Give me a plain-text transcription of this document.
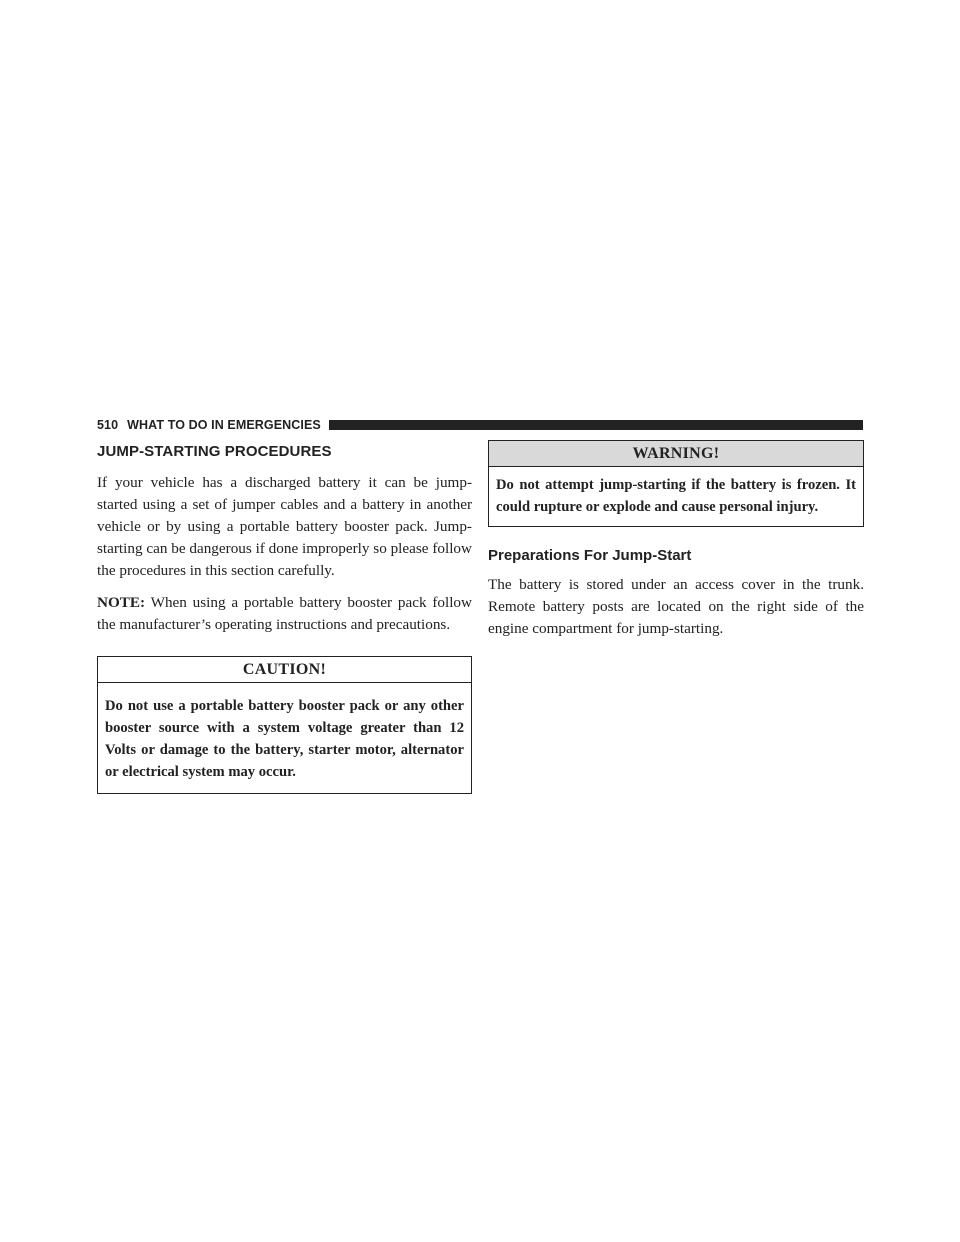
510 WHAT TO DO IN EMERGENCIES
JUMP-STARTING PROCEDURES

If your vehicle has a discharged battery it can be jump-started using a set of jumper cables and a battery in another vehicle or by using a portable battery booster pack. Jump-starting can be dangerous if done improperly so please follow the procedures in this section carefully.

NOTE: When using a portable battery booster pack follow the manufacturer’s operating instructions and precautions.

CAUTION!
Do not use a portable battery booster pack or any other booster source with a system voltage greater than 12 Volts or damage to the battery, starter motor, alternator or electrical system may occur.
WARNING!
Do not attempt jump-starting if the battery is frozen. It could rupture or explode and cause personal injury.
Preparations For Jump-Start

The battery is stored under an access cover in the trunk. Remote battery posts are located on the right side of the engine compartment for jump-starting.
